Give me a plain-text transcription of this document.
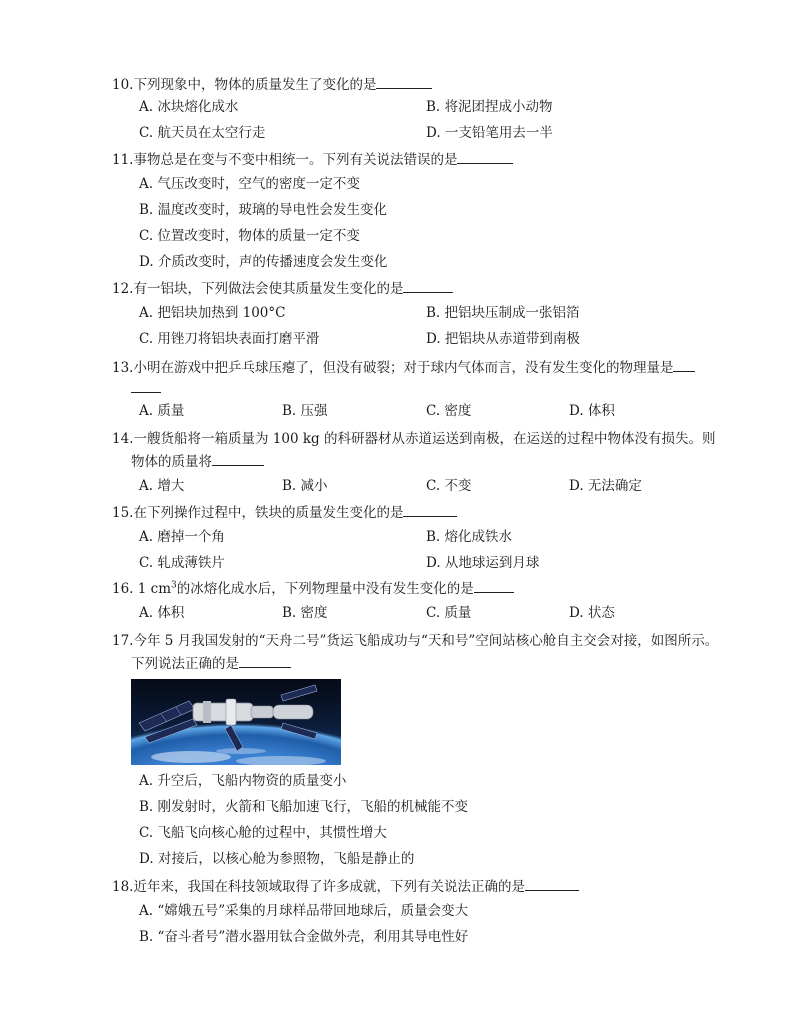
10.下列现象中，物体的质量发生了变化的是
A. 冰块熔化成水	B. 将泥团捏成小动物
C. 航天员在太空行走	D. 一支铅笔用去一半
11.事物总是在变与不变中相统一。下列有关说法错误的是
A. 气压改变时，空气的密度一定不变
B. 温度改变时，玻璃的导电性会发生变化
C. 位置改变时，物体的质量一定不变
D. 介质改变时，声的传播速度会发生变化
12.有一铝块，下列做法会使其质量发生变化的是
A. 把铝块加热到 100°C	B. 把铝块压制成一张铝箔
C. 用锉刀将铝块表面打磨平滑	D. 把铝块从赤道带到南极
13.小明在游戏中把乒乓球压瘪了，但没有破裂；对于球内气体而言，没有发生变化的物理量是
A. 质量	B. 压强	C. 密度	D. 体积
14.一艘货船将一箱质量为 100 kg 的科研器材从赤道运送到南极，在运送的过程中物体没有损失。则
物体的质量将
A. 增大	B. 减小	C. 不变	D. 无法确定
15.在下列操作过程中，铁块的质量发生变化的是
A. 磨掉一个角	B. 熔化成铁水
C. 轧成薄铁片	D. 从地球运到月球
16. 1 $cm^3$的冰熔化成水后，下列物理量中没有发生变化的是
A. 体积	B. 密度	C. 质量	D. 状态
17.今年 5 月我国发射的“天舟二号”货运飞船成功与“天和号”空间站核心舱自主交会对接，如图所示。
下列说法正确的是
A. 升空后，飞船内物资的质量变小
B. 刚发射时，火箭和飞船加速飞行，飞船的机械能不变
C. 飞船飞向核心舱的过程中，其惯性增大
D. 对接后，以核心舱为参照物，飞船是静止的
18.近年来，我国在科技领域取得了许多成就，下列有关说法正确的是
A. “嫦娥五号”采集的月球样品带回地球后，质量会变大
B. “奋斗者号”潜水器用钛合金做外壳，利用其导电性好
